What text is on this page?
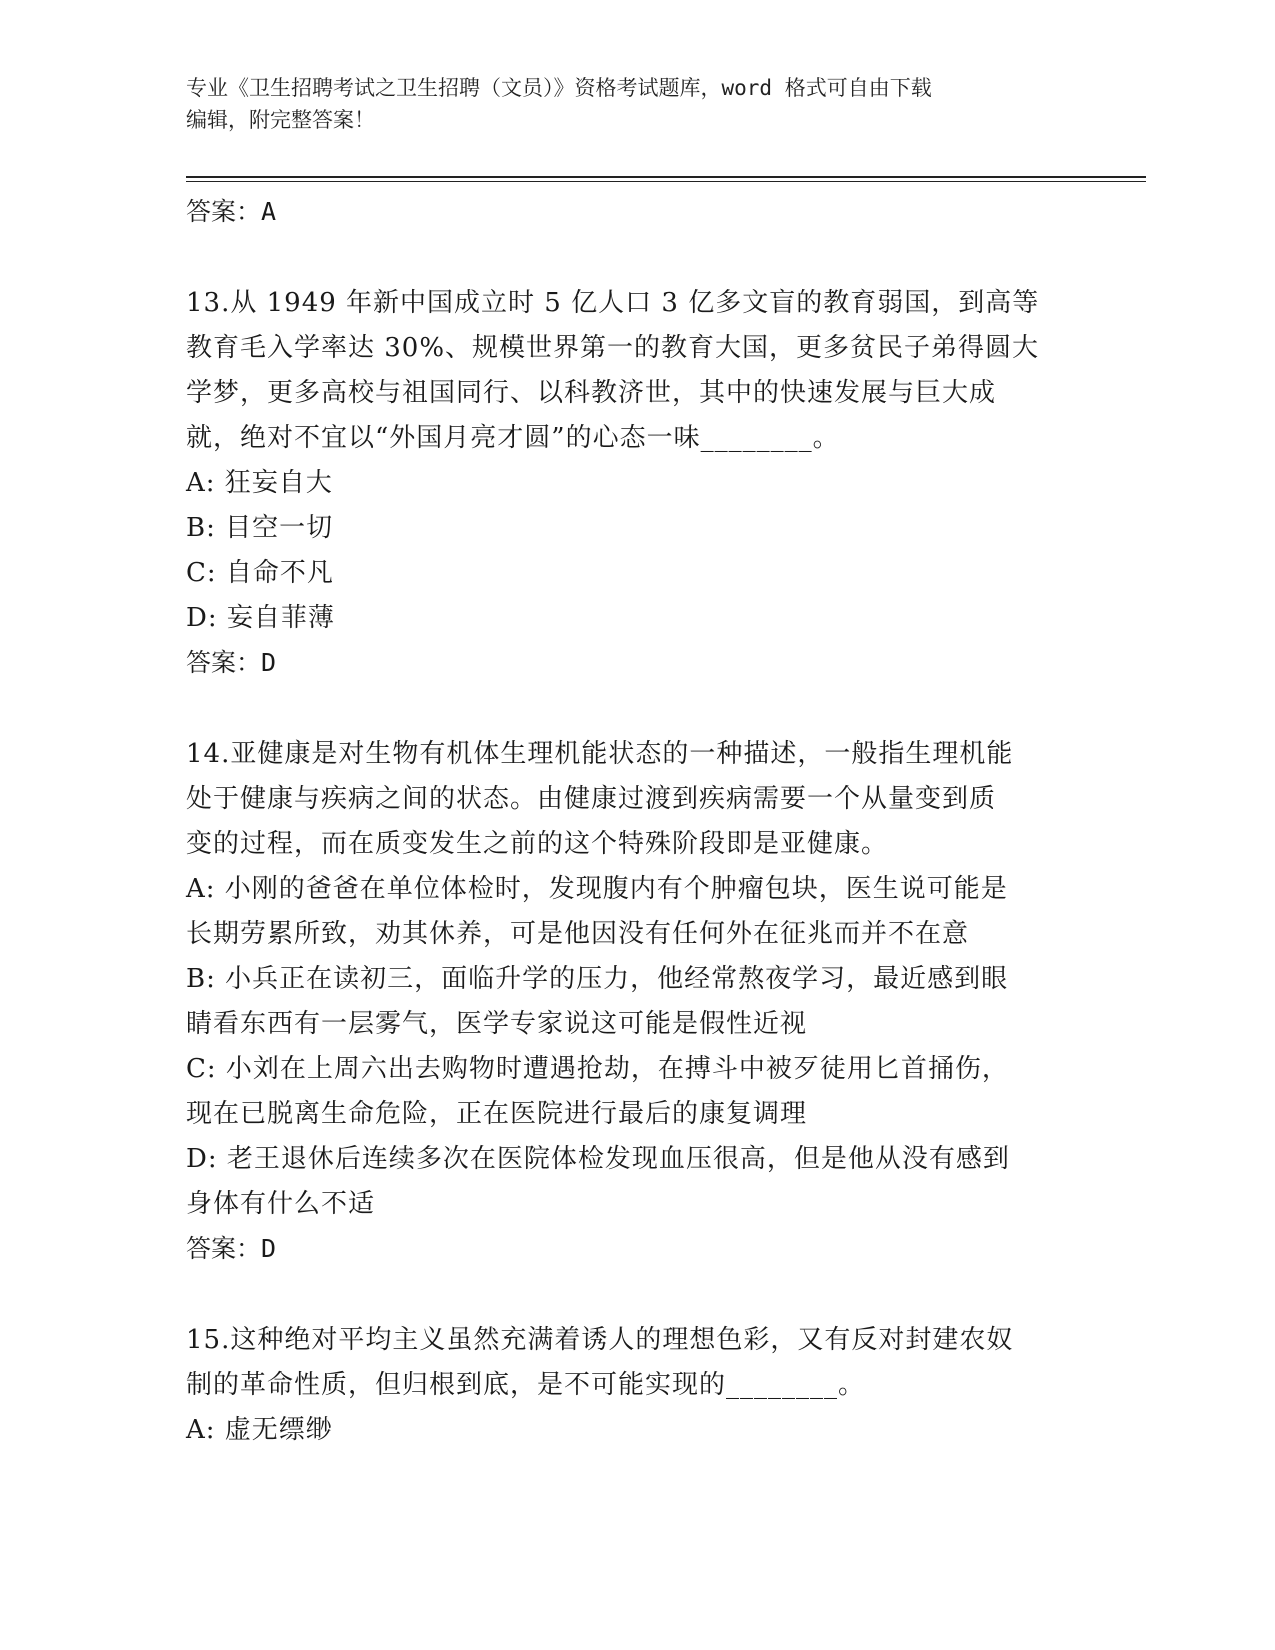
专业《卫生招聘考试之卫生招聘（文员）》资格考试题库，word 格式可自由下载
编辑，附完整答案！

答案：A

13.从 1949 年新中国成立时 5 亿人口 3 亿多文盲的教育弱国，到高等

教育毛入学率达 30%、规模世界第一的教育大国，更多贫民子弟得圆大

学梦，更多高校与祖国同行、以科教济世，其中的快速发展与巨大成

就，绝对不宜以“外国月亮才圆”的心态一味________。

A: 狂妄自大

B: 目空一切

C: 自命不凡

D: 妄自菲薄

答案：D

14.亚健康是对生物有机体生理机能状态的一种描述，一般指生理机能

处于健康与疾病之间的状态。由健康过渡到疾病需要一个从量变到质

变的过程，而在质变发生之前的这个特殊阶段即是亚健康。

A: 小刚的爸爸在单位体检时，发现腹内有个肿瘤包块，医生说可能是

长期劳累所致，劝其休养，可是他因没有任何外在征兆而并不在意

B: 小兵正在读初三，面临升学的压力，他经常熬夜学习，最近感到眼

睛看东西有一层雾气，医学专家说这可能是假性近视

C: 小刘在上周六出去购物时遭遇抢劫，在搏斗中被歹徒用匕首捅伤，

现在已脱离生命危险，正在医院进行最后的康复调理

D: 老王退休后连续多次在医院体检发现血压很高，但是他从没有感到

身体有什么不适

答案：D

15.这种绝对平均主义虽然充满着诱人的理想色彩，又有反对封建农奴

制的革命性质，但归根到底，是不可能实现的________。

A: 虚无缥缈
